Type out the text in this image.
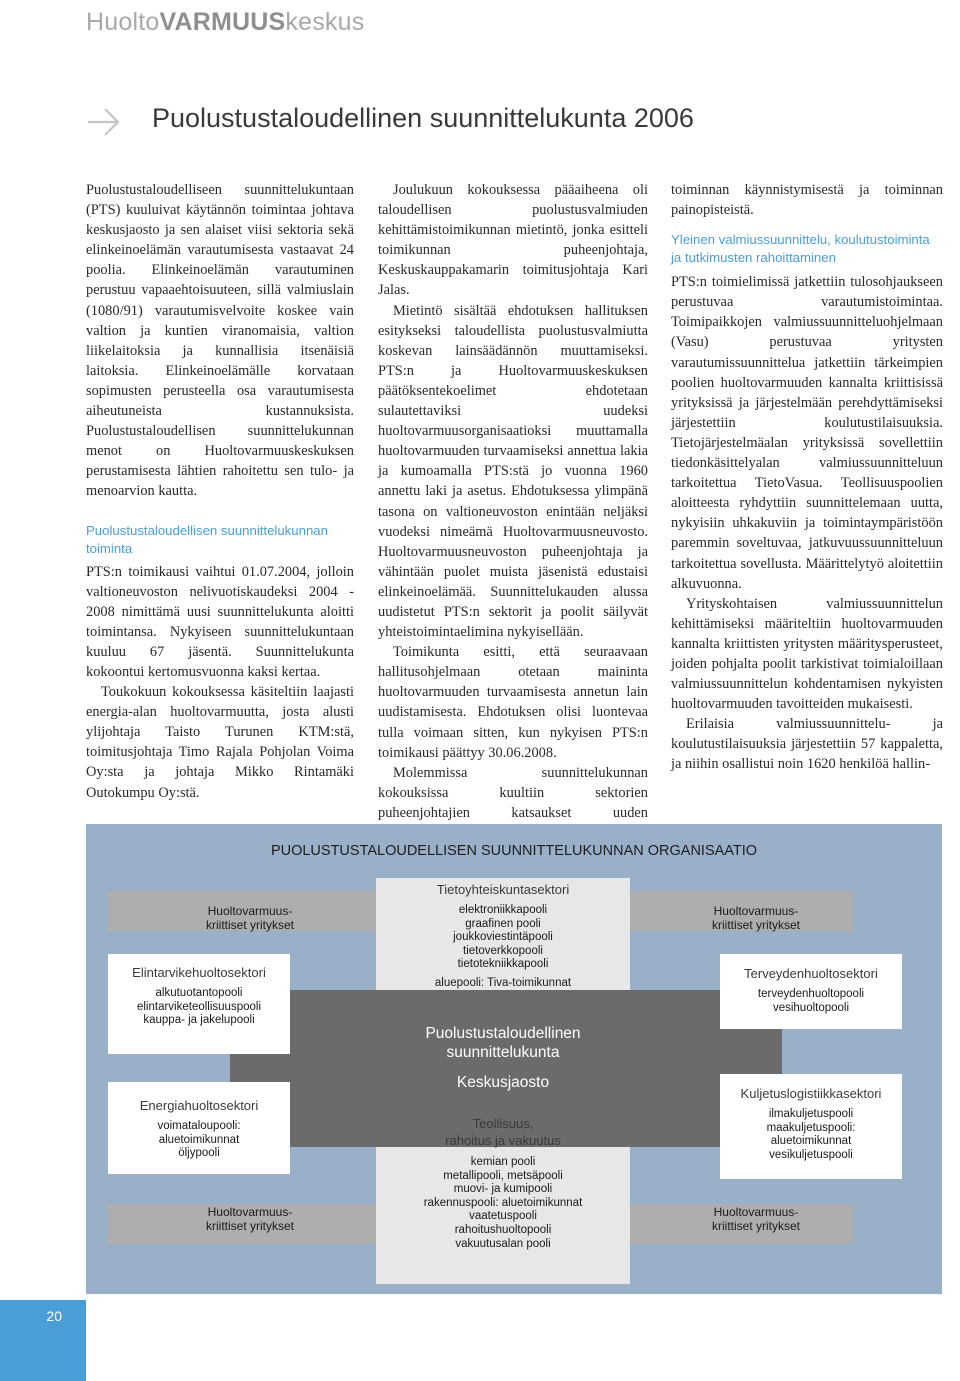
HuoltoVARMUUSkeskus
Puolustustaloudellinen suunnittelukunta 2006

Puolustustaloudelliseen suunnittelukuntaan (PTS) kuuluivat käytännön toimintaa johtava keskusjaosto ja sen alaiset viisi sektoria sekä elinkeinoelämän varautumisesta vastaavat 24 poolia. Elinkeinoelämän varautuminen perustuu vapaaehtoisuuteen, sillä valmiuslain (1080/91) varautumisvelvoite koskee vain valtion ja kuntien viranomaisia, valtion liikelaitoksia ja kunnallisia itsenäisiä laitoksia. Elinkeinoelämälle korvataan sopimusten perusteella osa varautumisesta aiheutuneista kustannuksista. Puolustustaloudellisen suunnittelukunnan menot on Huoltovarmuuskeskuksen perustamisesta lähtien rahoitettu sen tulo- ja menoarvion kautta.

Puolustustaloudellisen suunnittelukunnan toiminta

PTS:n toimikausi vaihtui 01.07.2004, jolloin valtioneuvoston nelivuotiskaudeksi 2004 - 2008 nimittämä uusi suunnittelukunta aloitti toimintansa. Nykyiseen suunnittelukuntaan kuuluu 67 jäsentä. Suunnittelukunta kokoontui kertomusvuonna kaksi kertaa.

Toukokuun kokouksessa käsiteltiin laajasti energia-alan huoltovarmuutta, josta alusti ylijohtaja Taisto Turunen KTM:stä, toimitusjohtaja Timo Rajala Pohjolan Voima Oy:sta ja johtaja Mikko Rintamäki Outokumpu Oy:stä.

Joulukuun kokouksessa pääaiheena oli taloudellisen puolustusvalmiuden kehittämistoimikunnan mietintö, jonka esitteli toimikunnan puheenjohtaja, Keskuskauppakamarin toimitusjohtaja Kari Jalas.

Mietintö sisältää ehdotuksen hallituksen esitykseksi taloudellista puolustusvalmiutta koskevan lainsäädännön muuttamiseksi. PTS:n ja Huoltovarmuuskeskuksen päätöksentekoelimet ehdotetaan sulautettaviksi uudeksi huoltovarmuusorganisaatioksi muuttamalla huoltovarmuuden turvaamiseksi annettua lakia ja kumoamalla PTS:stä jo vuonna 1960 annettu laki ja asetus. Ehdotuksessa ylimpänä tasona on valtioneuvoston enintään neljäksi vuodeksi nimeämä Huoltovarmuusneuvosto. Huoltovarmuusneuvoston puheenjohtaja ja vähintään puolet muista jäsenistä edustaisi elinkeinoelämää. Suunnittelukauden alussa uudistetut PTS:n sektorit ja poolit säilyvät yhteistoimintaelimina nykyisellään.

Toimikunta esitti, että seuraavaan hallitusohjelmaan otetaan maininta huoltovarmuuden turvaamisesta annetun lain uudistamisesta. Ehdotuksen olisi luontevaa tulla voimaan sitten, kun nykyisen PTS:n toimikausi päättyy 30.06.2008.

Molemmissa suunnittelukunnan kokouksissa kuultiin sektorien puheenjohtajien katsaukset uuden

toiminnan käynnistymisestä ja toiminnan painopisteistä.

Yleinen valmiussuunnittelu, koulutustoiminta ja tutkimusten rahoittaminen

PTS:n toimielimissä jatkettiin tulosohjaukseen perustuvaa varautumistoimintaa. Toimipaikkojen valmiussuunnitteluohjelmaan (Vasu) perustuvaa yritysten varautumissuunnittelua jatkettiin tärkeimpien poolien huoltovarmuuden kannalta kriittisissä yrityksissä ja järjestelmään perehdyttämiseksi järjestettiin koulutustilaisuuksia. Tietojärjestelmäalan yrityksissä sovellettiin tiedonkäsittelyalan valmiussuunnitteluun tarkoitettua TietoVasua. Teollisuuspoolien aloitteesta ryhdyttiin suunnittelemaan uutta, nykyisiin uhkakuviin ja toimintaympäristöön paremmin soveltuvaa, jatkuvuussuunnitteluun tarkoitettua sovellusta. Määrittelytyö aloitettiin alkuvuonna.

Yrityskohtaisen valmiussuunnittelun kehittämiseksi määriteltiin huoltovarmuuden kannalta kriittisten yritysten määritysperusteet, joiden pohjalta poolit tarkistivat toimialoillaan valmiussuunnittelun kohdentamisen nykyisten huoltovarmuuden tavoitteiden mukaisesti.

Erilaisia valmiussuunnittelu- ja koulutustilaisuuksia järjestettiin 57 kappaletta, ja niihin osallistui noin 1620 henkilöä hallin-

PUOLUSTUSTALOUDELLISEN SUUNNITTELUKUNNAN ORGANISAATIO
Huoltovarmuus-
kriittiset yritykset
Huoltovarmuus-
kriittiset yritykset
Huoltovarmuus-
kriittiset yritykset
Huoltovarmuus-
kriittiset yritykset
Elintarvikehuoltosektori
alkutuotantopooli
elintarviketeollisuuspooli
kauppa- ja jakelupooli
Energiahuoltosektori
voimataloupooli:
aluetoimikunnat
öljypooli
Terveydenhuoltosektori
terveydenhuoltopooli
vesihuoltopooli
Kuljetuslogistiikkasektori
ilmakuljetuspooli
maakuljetuspooli:
aluetoimikunnat
vesikuljetuspooli
Tietoyhteiskuntasektori
elektroniikkapooli
graafinen pooli
joukkoviestintäpooli
tietoverkkopooli
tietotekniikkapooli
aluepooli: Tiva-toimikunnat
Puolustustaloudellinen
suunnittelukunta
Keskusjaosto
Teollisuus,
rahoitus ja vakuutus
kemian pooli
metallipooli, metsäpooli
muovi- ja kumipooli
rakennuspooli: aluetoimikunnat
vaatetuspooli
rahoitushuoltopooli
vakuutusalan pooli
20
